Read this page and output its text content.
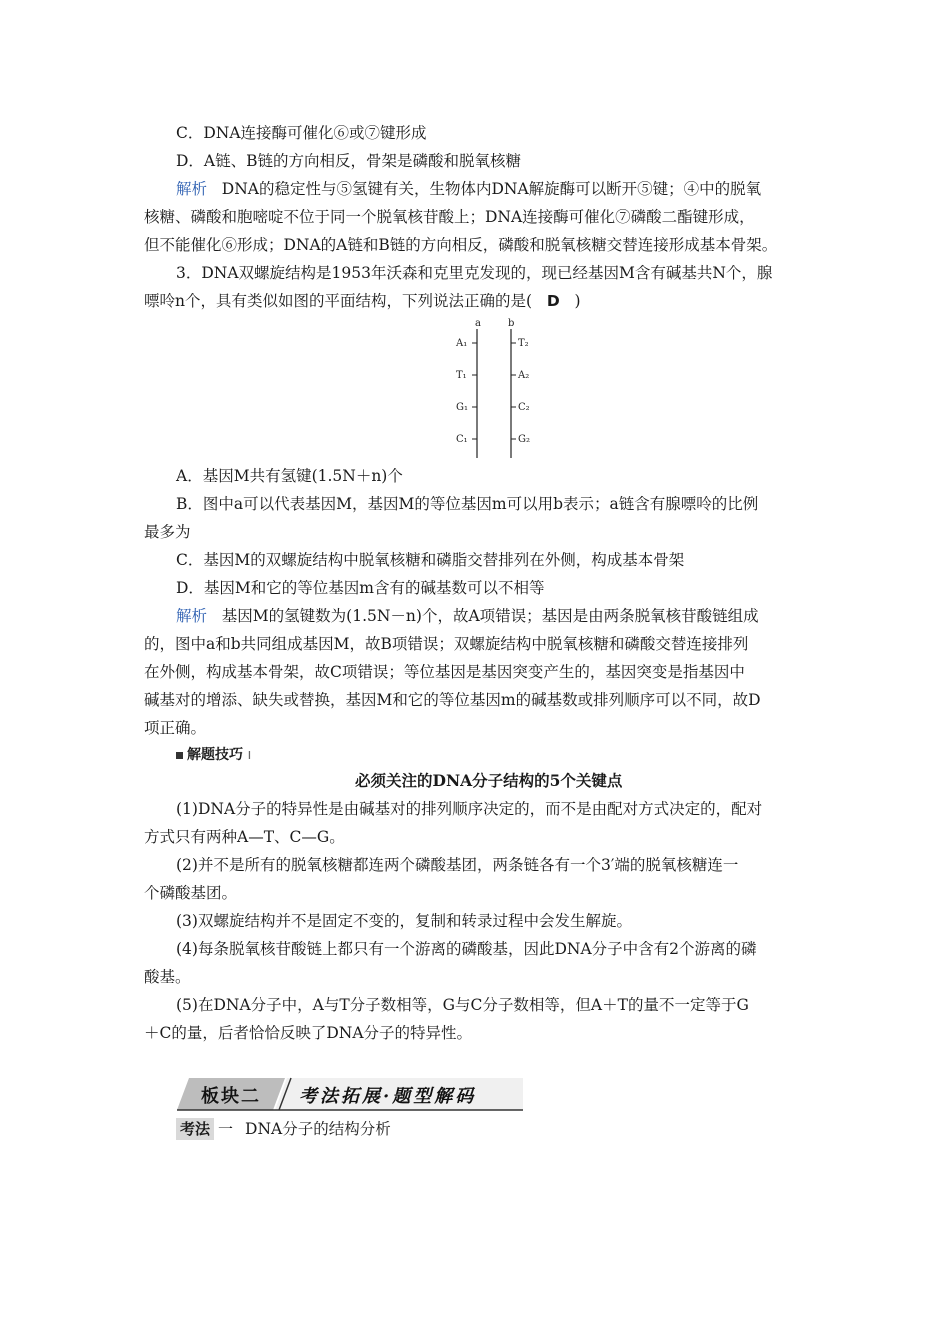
C．DNA连接酶可催化⑥或⑦键形成
D．A链、B链的方向相反，骨架是磷酸和脱氧核糖
解析 DNA的稳定性与⑤氢键有关，生物体内DNA解旋酶可以断开⑤键；④中的脱氧
核糖、磷酸和胞嘧啶不位于同一个脱氧核苷酸上；DNA连接酶可催化⑦磷酸二酯键形成，
但不能催化⑥形成；DNA的A链和B链的方向相反，磷酸和脱氧核糖交替连接形成基本骨架。
3．DNA双螺旋结构是1953年沃森和克里克发现的，现已经基因M含有碱基共N个，腺
嘌呤n个，具有类似如图的平面结构，下列说法正确的是( D )
a	b
A₁
T₁
G₁
C₁
T₂
A₂
C₂
G₂
A．基因M共有氢键(1.5N＋n)个
B．图中a可以代表基因M，基因M的等位基因m可以用b表示；a链含有腺嘌呤的比例
最多为
C．基因M的双螺旋结构中脱氧核糖和磷脂交替排列在外侧，构成基本骨架
D．基因M和它的等位基因m含有的碱基数可以不相等
解析 基因M的氢键数为(1.5N－n)个，故A项错误；基因是由两条脱氧核苷酸链组成
的，图中a和b共同组成基因M，故B项错误；双螺旋结构中脱氧核糖和磷酸交替连接排列
在外侧，构成基本骨架，故C项错误；等位基因是基因突变产生的，基因突变是指基因中
碱基对的增添、缺失或替换，基因M和它的等位基因m的碱基数或排列顺序可以不同，故D
项正确。
解题技巧 ı
必须关注的DNA分子结构的5个关键点
(1)DNA分子的特异性是由碱基对的排列顺序决定的，而不是由配对方式决定的，配对
方式只有两种A—T、C—G。
(2)并不是所有的脱氧核糖都连两个磷酸基团，两条链各有一个3′端的脱氧核糖连一
个磷酸基团。
(3)双螺旋结构并不是固定不变的，复制和转录过程中会发生解旋。
(4)每条脱氧核苷酸链上都只有一个游离的磷酸基，因此DNA分子中含有2个游离的磷
酸基。
(5)在DNA分子中，A与T分子数相等，G与C分子数相等，但A＋T的量不一定等于G
＋C的量，后者恰恰反映了DNA分子的特异性。
板块二 考法拓展·题型解码
考法 一 DNA分子的结构分析
